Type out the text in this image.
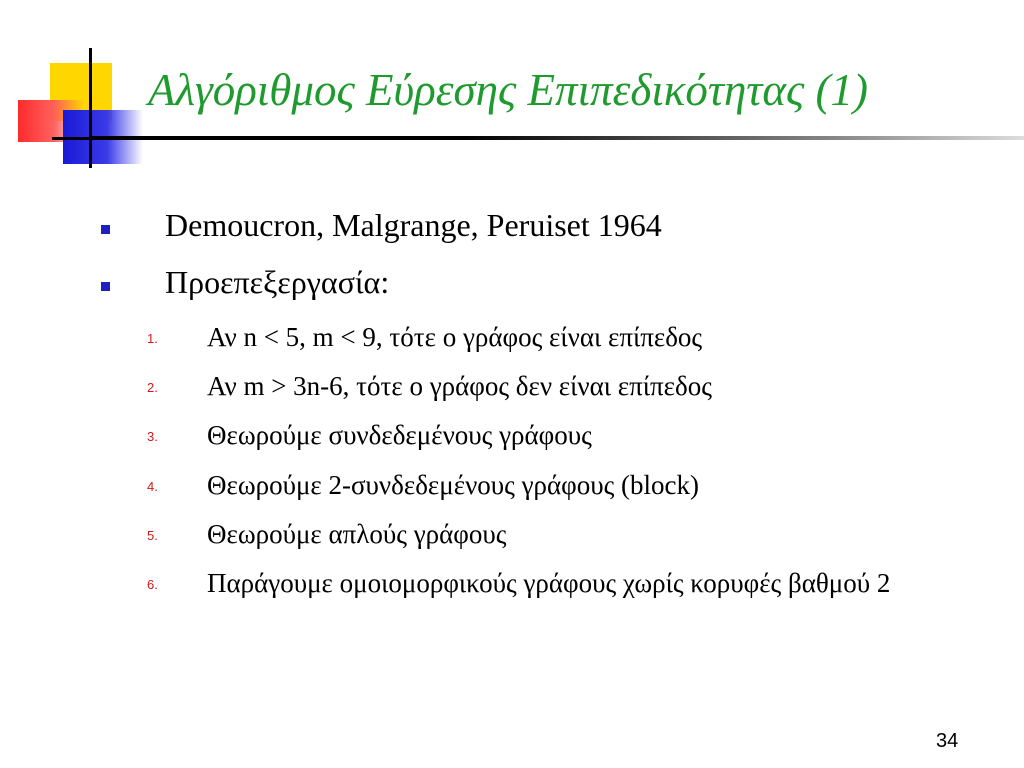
Αλγόριθμος Εύρεσης Επιπεδικότητας (1)
Demoucron, Malgrange, Peruiset 1964
Προεπεξεργασία:
1. Αν n < 5, m < 9, τότε ο γράφος είναι επίπεδος
2. Αν m > 3n-6, τότε ο γράφος δεν είναι επίπεδος
3. Θεωρούμε συνδεδεμένους γράφους
4. Θεωρούμε 2-συνδεδεμένους γράφους (block)
5. Θεωρούμε απλούς γράφους
6. Παράγουμε ομοιομορφικούς γράφους χωρίς κορυφές βαθμού 2
34
